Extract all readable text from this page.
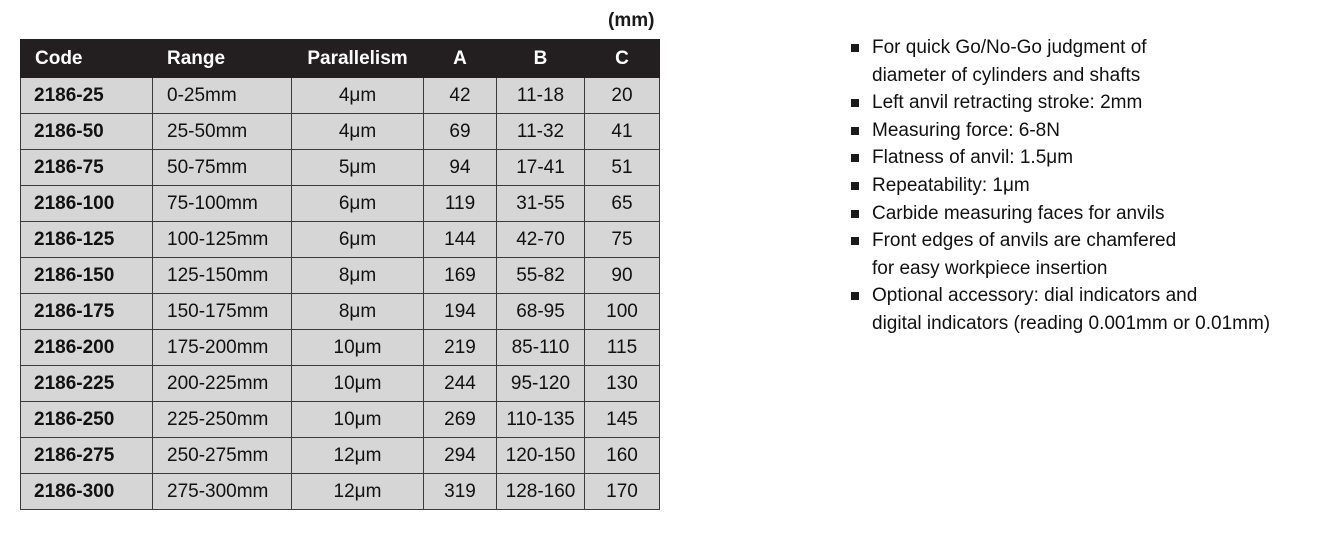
(mm)
Code	Range	Parallelism	A	B	C
2186-25	0-25mm	4μm	42	11-18	20
2186-50	25-50mm	4μm	69	11-32	41
2186-75	50-75mm	5μm	94	17-41	51
2186-100	75-100mm	6μm	119	31-55	65
2186-125	100-125mm	6μm	144	42-70	75
2186-150	125-150mm	8μm	169	55-82	90
2186-175	150-175mm	8μm	194	68-95	100
2186-200	175-200mm	10μm	219	85-110	115
2186-225	200-225mm	10μm	244	95-120	130
2186-250	225-250mm	10μm	269	110-135	145
2186-275	250-275mm	12μm	294	120-150	160
2186-300	275-300mm	12μm	319	128-160	170
For quick Go/No-Go judgment of
diameter of cylinders and shafts
Left anvil retracting stroke: 2mm
Measuring force: 6-8N
Flatness of anvil: 1.5μm
Repeatability: 1μm
Carbide measuring faces for anvils
Front edges of anvils are chamfered
for easy workpiece insertion
Optional accessory: dial indicators and
digital indicators (reading 0.001mm or 0.01mm)
